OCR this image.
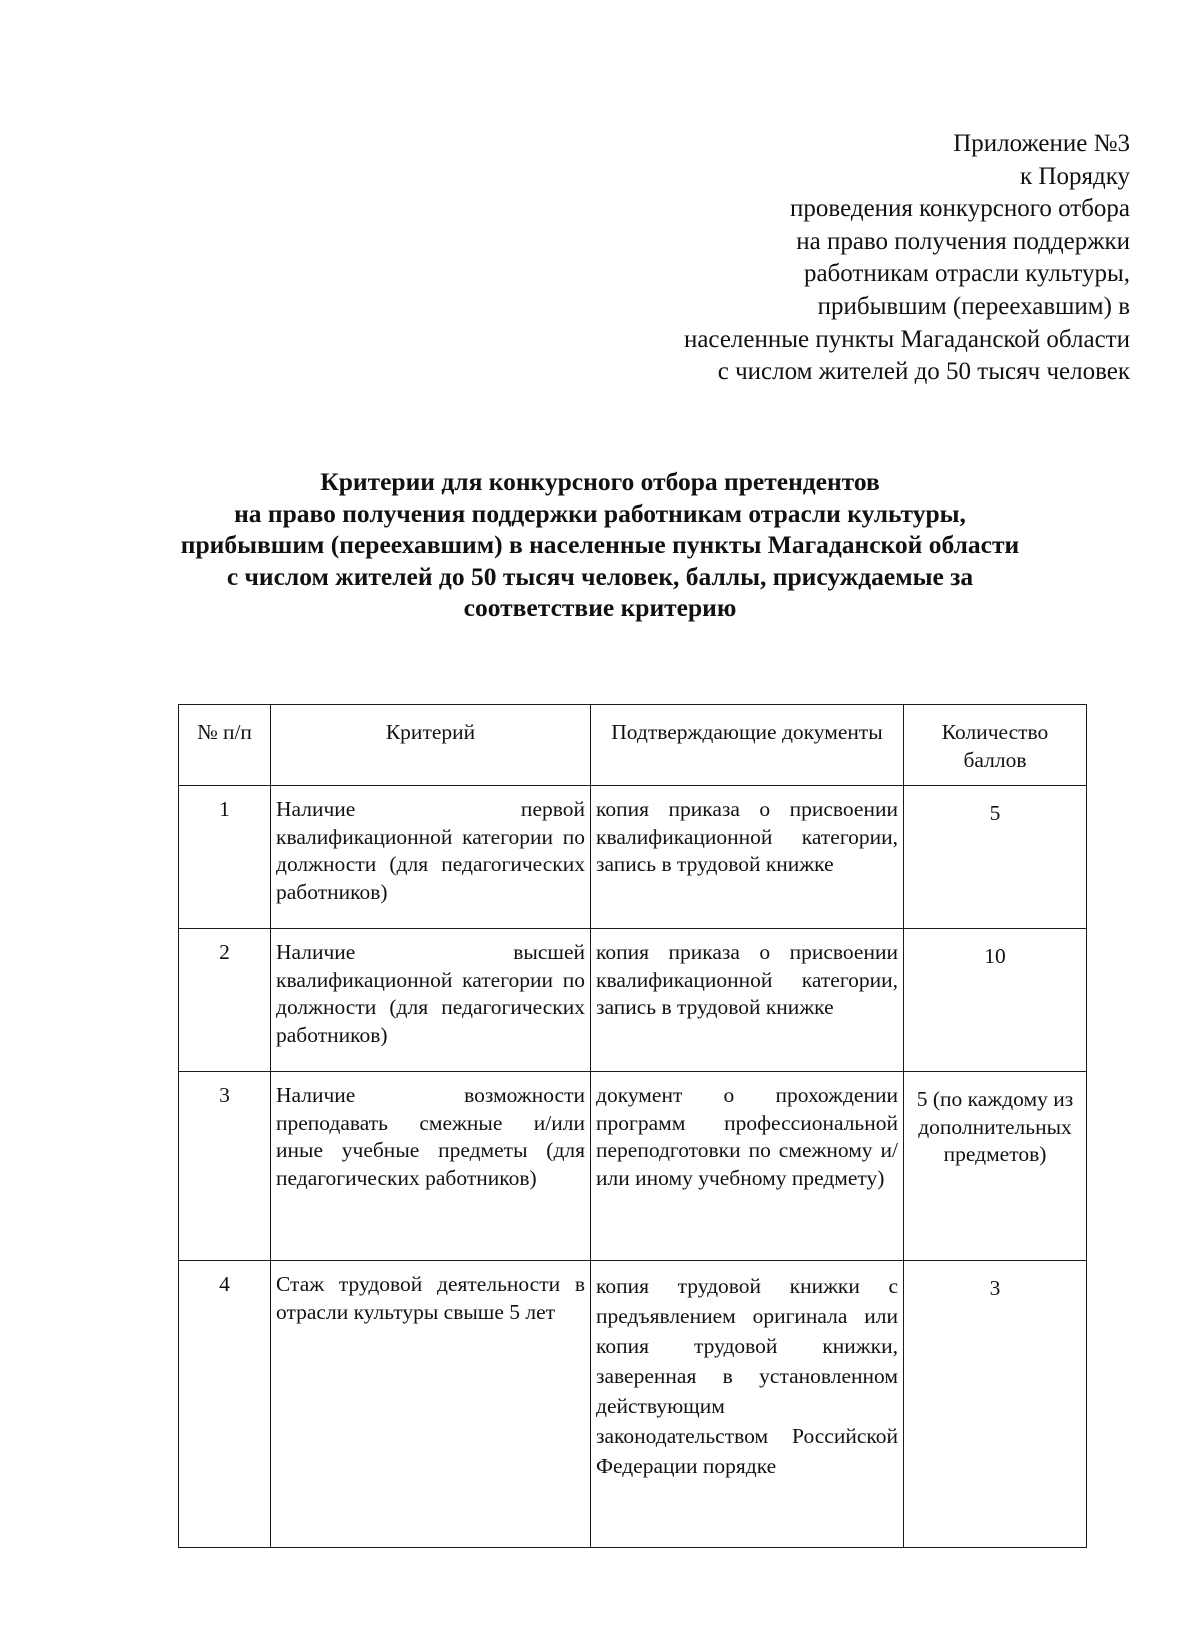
Приложение №3
к Порядку
проведения конкурсного отбора
на право получения поддержки
работникам отрасли культуры,
прибывшим (переехавшим) в
населенные пункты Магаданской области
с числом жителей до 50 тысяч человек
Критерии для конкурсного отбора претендентов
на право получения поддержки работникам отрасли культуры,
прибывшим (переехавшим) в населенные пункты Магаданской области
с числом жителей до 50 тысяч человек, баллы, присуждаемые за
соответствие критерию
№ п/п	Критерий	Подтверждающие документы	Количество баллов
1	Наличие первой квалификационной категории по должности (для педагогических работников)	копия приказа о присвоении квалификационной категории, запись в трудовой книжке	5
2	Наличие высшей квалификационной категории по должности (для педагогических работников)	копия приказа о присвоении квалификационной категории, запись в трудовой книжке	10
3	Наличие возможности преподавать смежные и/или иные учебные предметы (для педагогических работников)	документ о прохождении программ профессиональной переподготовки по смежному и/или иному учебному предмету)	5 (по каждому из дополнительных предметов)
4	Стаж трудовой деятельности в отрасли культуры свыше 5 лет	копия трудовой книжки с предъявлением оригинала или копия трудовой книжки, заверенная в установленном действующим законодательством Российской Федерации порядке	3
